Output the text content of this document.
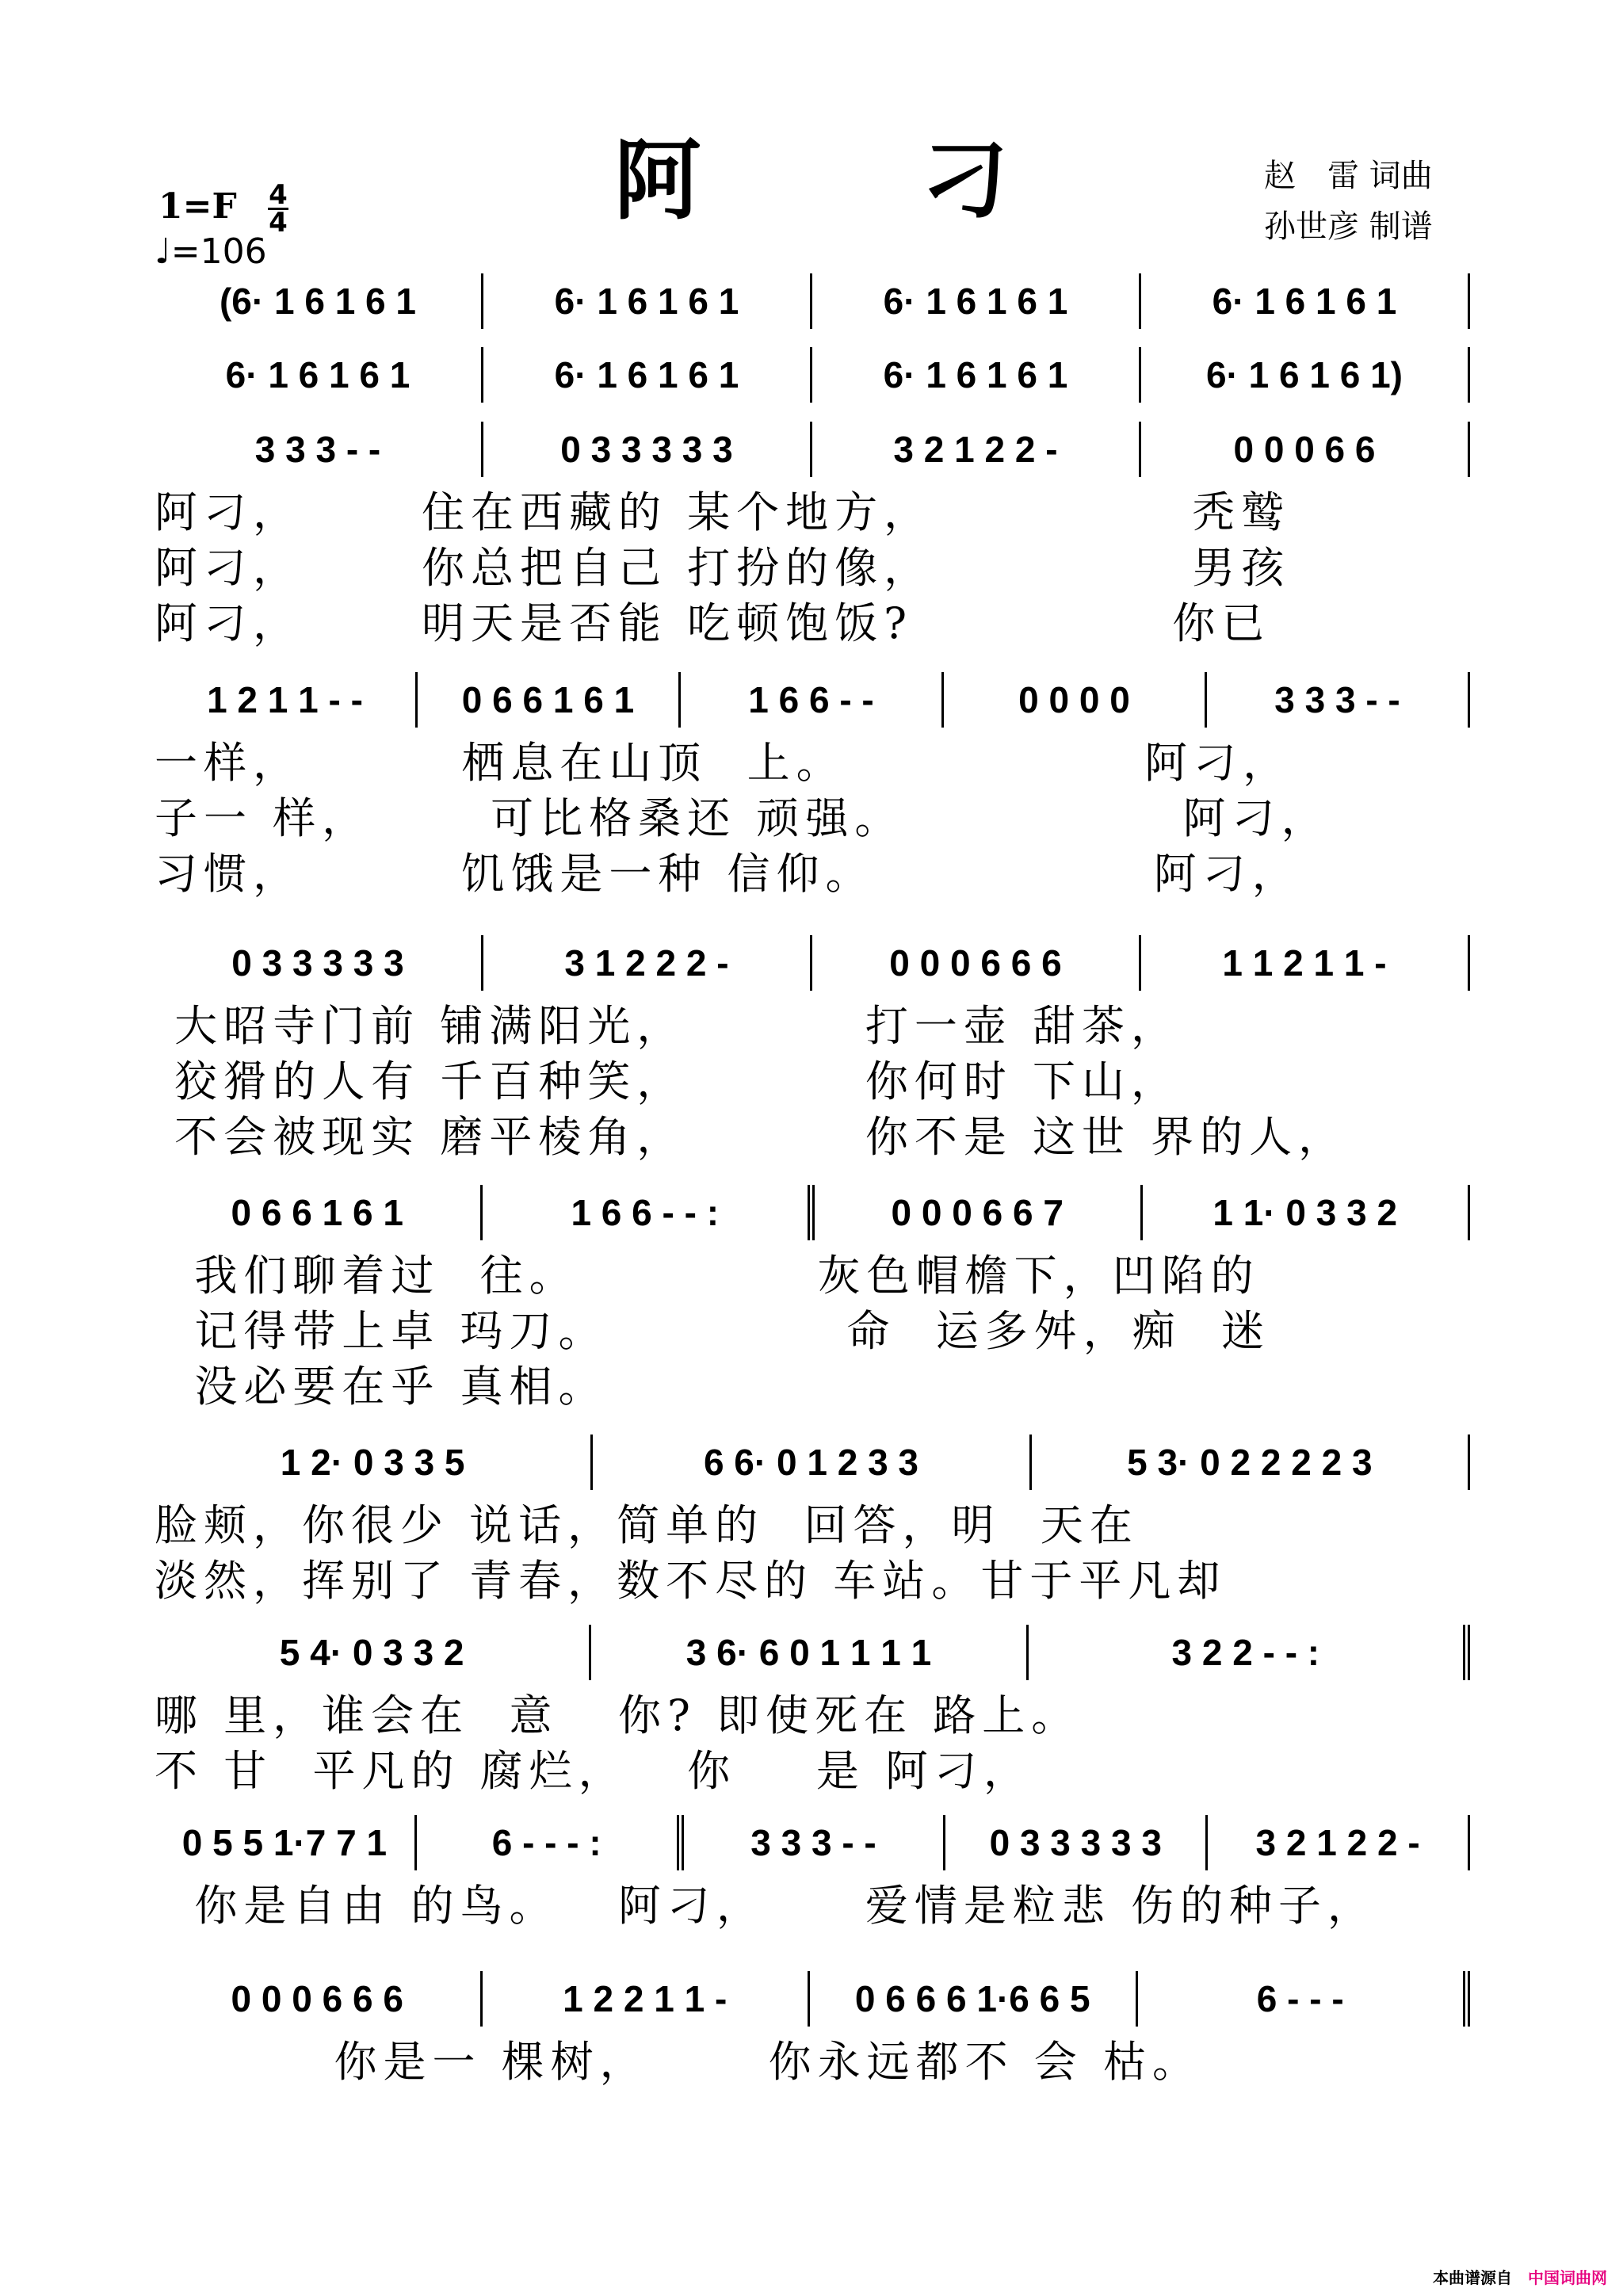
阿 刁	赵　雷 词曲
孙世彦 制谱
1=F 4
4
♩=106
(6· 1 6 1 6 1	6· 1 6 1 6 1	6· 1 6 1 6 1	6· 1 6 1 6 1
6· 1 6 1 6 1	6· 1 6 1 6 1	6· 1 6 1 6 1	6· 1 6 1 6 1)
3 3 3 - -	0 3 3 3 3 3	3 2 1 2 2 -	0 0 0 6 6
阿刁，      住在西藏的 某个地方，             秃鹫
阿刁，      你总把自己 打扮的像，             男孩
阿刁，      明天是否能 吃顿饱饭?             你已
1 2 1 1 - -	0 6 6 1 6 1	1 6 6 - -	0 0 0 0	3 3 3 - -
一样，        栖息在山顶  上。               阿刁，
子一 样，      可比格桑还 顽强。              阿刁，
习惯，        饥饿是一种 信仰。              阿刁，
0 3 3 3 3 3	3 1 2 2 2 -	0 0 0 6 6 6	1 1 2 1 1 -
大昭寺门前 铺满阳光，         打一壶 甜茶，
狡猾的人有 千百种笑，         你何时 下山，
不会被现实 磨平棱角，         你不是 这世 界的人，
0 6 6 1 6 1	1 6 6 - - :	0 0 0 6 6 7	1 1· 0 3 3 2
我们聊着过  往。            灰色帽檐下，凹陷的
记得带上卓 玛刀。            命  运多舛，痴  迷
没必要在乎 真相。
1 2· 0 3 3 5	6 6· 0 1 2 3 3	5 3· 0 2 2 2 2 3
脸颊，你很少 说话，简单的  回答，明  天在
淡然，挥别了 青春，数不尽的 车站。甘于平凡却
5 4· 0 3 3 2	3 6· 6 0 1 1 1 1	3 2 2 - - :
哪 里，谁会在  意   你? 即使死在 路上。
不 甘  平凡的 腐烂，   你    是 阿刁，
0 5 5 1·7 7 1	6 - - - :	3 3 3 - -	0 3 3 3 3 3	3 2 1 2 2 -
你是自由 的鸟。   阿刁，     爱情是粒悲 伤的种子，
0 0 0 6 6 6	1 2 2 1 1 -	0 6 6 6 1·6 6 5	6 - - -
你是一 棵树，      你永远都不 会 枯。
本曲谱源自 中国词曲网
